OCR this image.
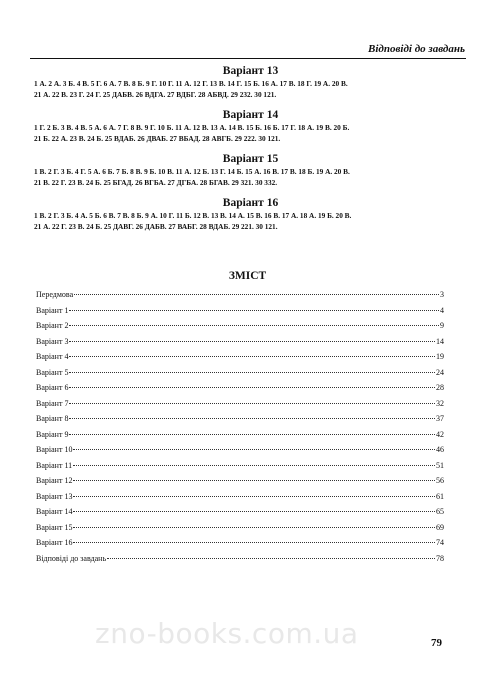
Відповіді до завдань
Варіант 13
1 А. 2 А. 3 Б. 4 В. 5 Г. 6 А. 7 В. 8 Б. 9 Г. 10 Г. 11 А. 12 Г. 13 В. 14 Г. 15 Б. 16 А. 17 В. 18 Г. 19 А. 20 В.
21 А. 22 В. 23 Г. 24 Г. 25 ДАБВ. 26 ВДГА. 27 ВДБГ. 28 АБВД. 29 232. 30 121.
Варіант 14
1 Г. 2 Б. 3 В. 4 В. 5 А. 6 А. 7 Г. 8 В. 9 Г. 10 Б. 11 А. 12 В. 13 А. 14 В. 15 Б. 16 Б. 17 Г. 18 А. 19 В. 20 Б.
21 Б. 22 А. 23 В. 24 Б. 25 ВДАБ. 26 ДВАБ. 27 ВБАД. 28 АВГБ. 29 222. 30 121.
Варіант 15
1 В. 2 Г. 3 Б. 4 Г. 5 А. 6 Б. 7 Б. 8 В. 9 Б. 10 В. 11 А. 12 Б. 13 Г. 14 Б. 15 А. 16 В. 17 В. 18 Б. 19 А. 20 В.
21 В. 22 Г. 23 В. 24 Б. 25 БГАД. 26 ВГБА. 27 ДГБА. 28 БГАВ. 29 321. 30 332.
Варіант 16
1 В. 2 Г. 3 Б. 4 А. 5 Б. 6 В. 7 В. 8 Б. 9 А. 10 Г. 11 Б. 12 В. 13 В. 14 А. 15 В. 16 В. 17 А. 18 А. 19 Б. 20 В.
21 А. 22 Г. 23 В. 24 Б. 25 ДАВГ. 26 ДАБВ. 27 ВАБГ. 28 ВДАБ. 29 221. 30 121.
ЗМІСТ
Передмова	3
Варіант 1	4
Варіант 2	9
Варіант 3	14
Варіант 4	19
Варіант 5	24
Варіант 6	28
Варіант 7	32
Варіант 8	37
Варіант 9	42
Варіант 10	46
Варіант 11	51
Варіант 12	56
Варіант 13	61
Варіант 14	65
Варіант 15	69
Варіант 16	74
Відповіді до завдань	78
zno-books.com.ua	79
